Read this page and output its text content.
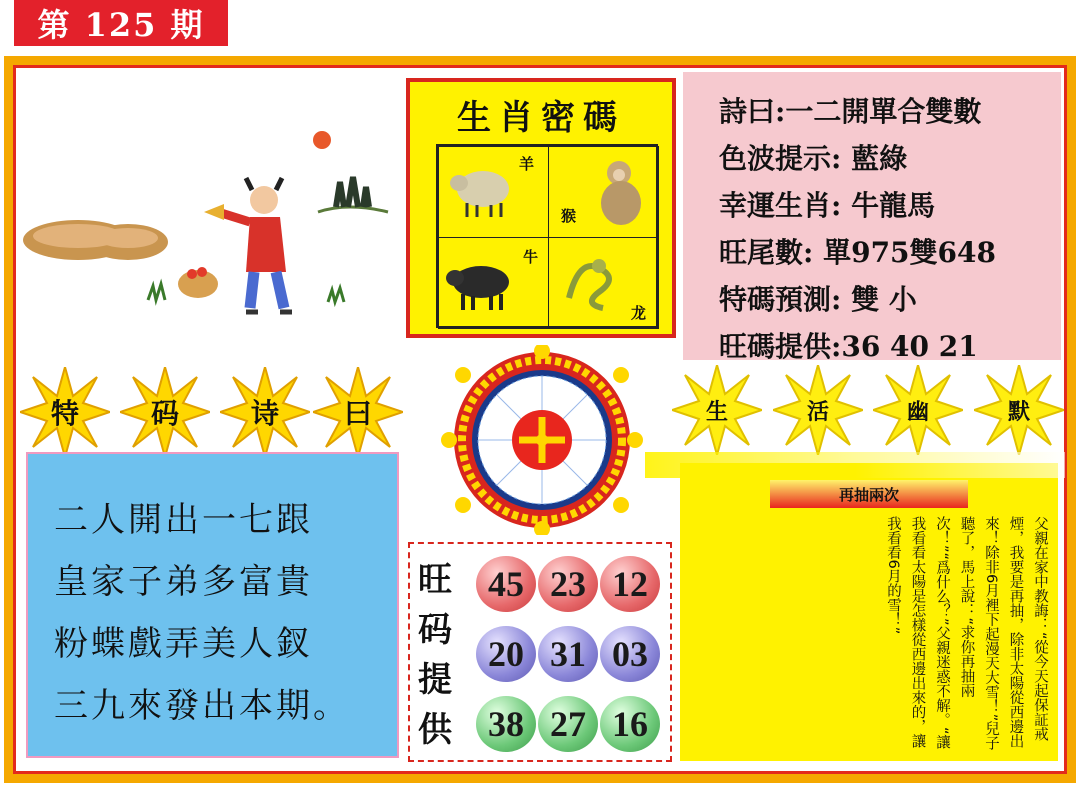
第 125 期
生肖密碼
羊
猴
牛
龙
詩曰:一二開單合雙數
色波提示: 藍綠
幸運生肖: 牛龍馬
旺尾數: 單975雙648
特碼預測: 雙 小
旺碼提供:36 40 21
特	码	诗	曰	生	活	幽	默
二人開出一七跟
皇家子弟多富貴
粉蝶戲弄美人釵
三九來發出本期。
旺
码
提
供
45 23 12
20 31 03
38 27 16
再抽兩次
父親在家中教誨：“從今天起保証戒煙，我要是再抽，除非太陽從西邊出來！除非6月裡下起漫天大雪！”兒子聽了，馬上說：“求你再抽兩次！”“爲什么？”父親迷惑不解。“讓我看看太陽是怎樣從西邊出來的，讓我看看6月的雪！”
